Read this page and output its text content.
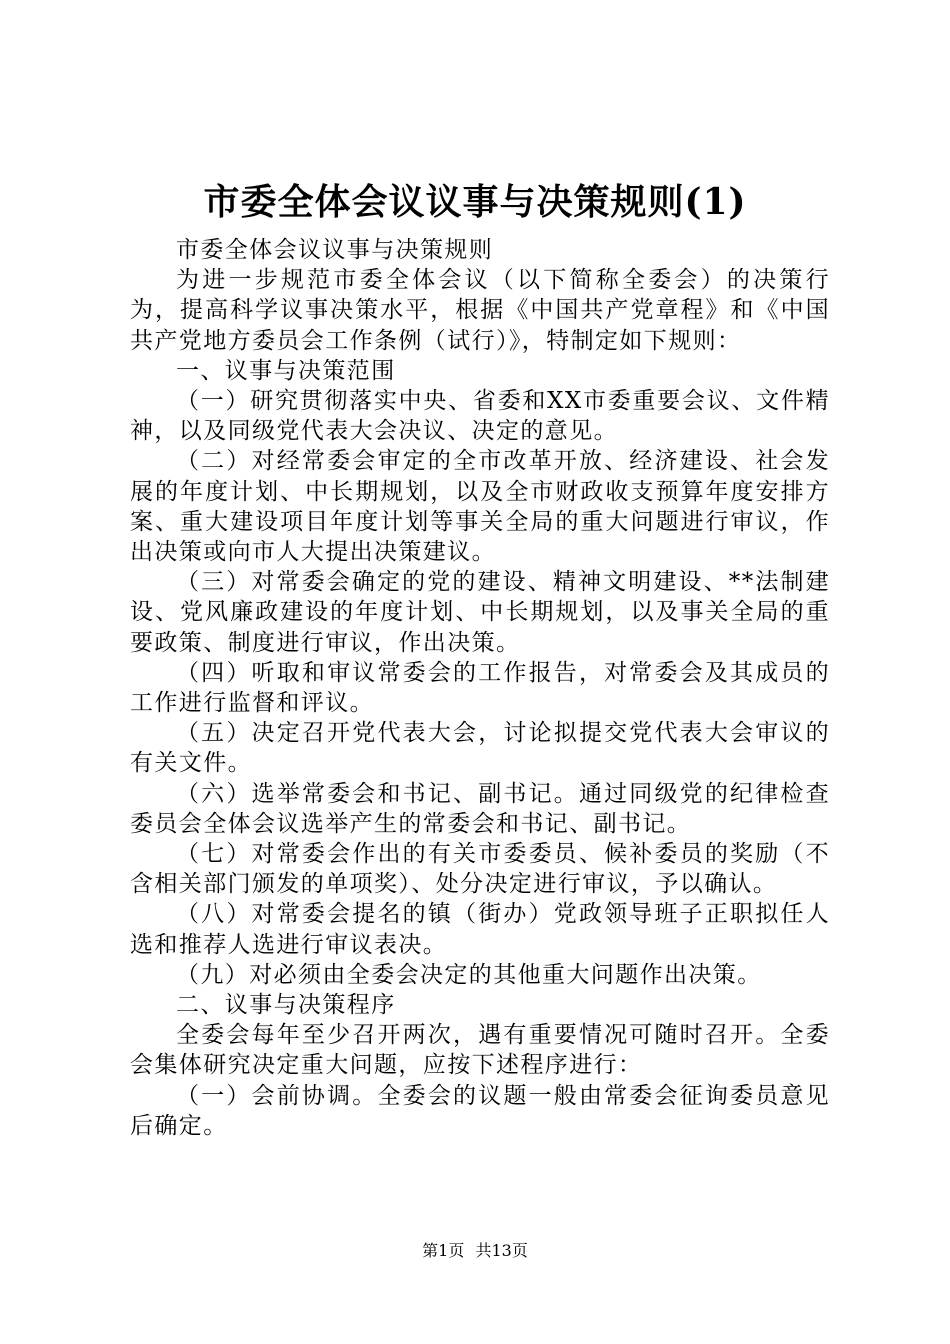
市委全体会议议事与决策规则(1)

市委全体会议议事与决策规则

为进一步规范市委全体会议（以下简称全委会）的决策行为，提高科学议事决策水平，根据《中国共产党章程》和《中国共产党地方委员会工作条例（试行）》，特制定如下规则：

一、议事与决策范围

（一）研究贯彻落实中央、省委和XX市委重要会议、文件精神，以及同级党代表大会决议、决定的意见。

（二）对经常委会审定的全市改革开放、经济建设、社会发展的年度计划、中长期规划，以及全市财政收支预算年度安排方案、重大建设项目年度计划等事关全局的重大问题进行审议，作出决策或向市人大提出决策建议。

（三）对常委会确定的党的建设、精神文明建设、**法制建设、党风廉政建设的年度计划、中长期规划，以及事关全局的重要政策、制度进行审议，作出决策。

（四）听取和审议常委会的工作报告，对常委会及其成员的工作进行监督和评议。

（五）决定召开党代表大会，讨论拟提交党代表大会审议的有关文件。

（六）选举常委会和书记、副书记。通过同级党的纪律检查委员会全体会议选举产生的常委会和书记、副书记。

（七）对常委会作出的有关市委委员、候补委员的奖励（不含相关部门颁发的单项奖）、处分决定进行审议，予以确认。

（八）对常委会提名的镇（街办）党政领导班子正职拟任人选和推荐人选进行审议表决。

（九）对必须由全委会决定的其他重大问题作出决策。

二、议事与决策程序

全委会每年至少召开两次，遇有重要情况可随时召开。全委会集体研究决定重大问题，应按下述程序进行：

（一）会前协调。全委会的议题一般由常委会征询委员意见后确定。

第1页 共13页
